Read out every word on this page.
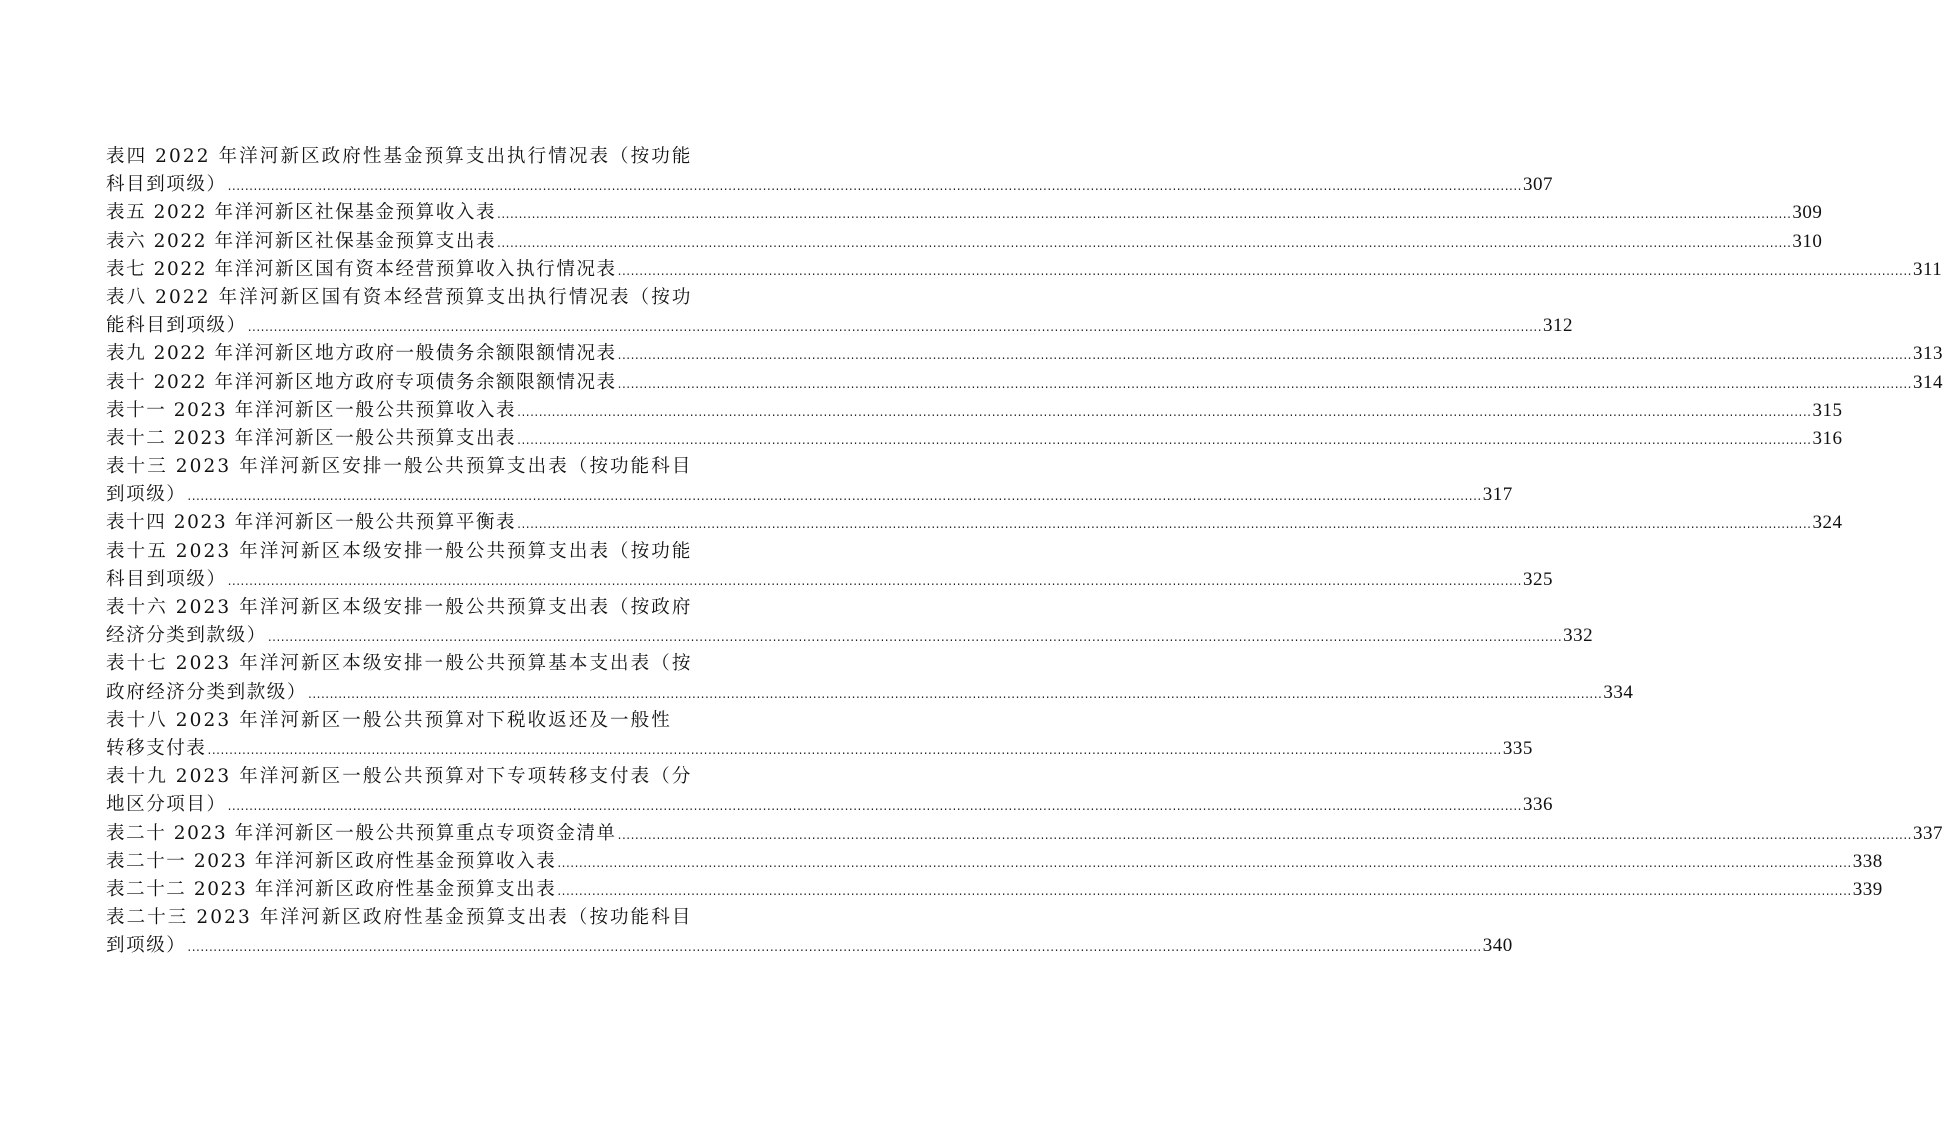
表四 2022 年洋河新区政府性基金预算支出执行情况表（按功能
科目到项级） ............................................................................................................................................................................................................................................................................................................ 307
表五 2022 年洋河新区社保基金预算收入表 ............................................................................................................................................................................................................................................................................................................ 309
表六 2022 年洋河新区社保基金预算支出表 ............................................................................................................................................................................................................................................................................................................ 310
表七 2022 年洋河新区国有资本经营预算收入执行情况表 ............................................................................................................................................................................................................................................................................................................ 311
表八 2022 年洋河新区国有资本经营预算支出执行情况表（按功
能科目到项级） ............................................................................................................................................................................................................................................................................................................ 312
表九 2022 年洋河新区地方政府一般债务余额限额情况表 ............................................................................................................................................................................................................................................................................................................ 313
表十 2022 年洋河新区地方政府专项债务余额限额情况表 ............................................................................................................................................................................................................................................................................................................ 314
表十一 2023 年洋河新区一般公共预算收入表 ............................................................................................................................................................................................................................................................................................................ 315
表十二 2023 年洋河新区一般公共预算支出表 ............................................................................................................................................................................................................................................................................................................ 316
表十三 2023 年洋河新区安排一般公共预算支出表（按功能科目
到项级） ............................................................................................................................................................................................................................................................................................................ 317
表十四 2023 年洋河新区一般公共预算平衡表 ............................................................................................................................................................................................................................................................................................................ 324
表十五 2023 年洋河新区本级安排一般公共预算支出表（按功能
科目到项级） ............................................................................................................................................................................................................................................................................................................ 325
表十六 2023 年洋河新区本级安排一般公共预算支出表（按政府
经济分类到款级） ............................................................................................................................................................................................................................................................................................................ 332
表十七 2023 年洋河新区本级安排一般公共预算基本支出表（按
政府经济分类到款级） ............................................................................................................................................................................................................................................................................................................ 334
表十八 2023 年洋河新区一般公共预算对下税收返还及一般性
转移支付表 ............................................................................................................................................................................................................................................................................................................ 335
表十九 2023 年洋河新区一般公共预算对下专项转移支付表（分
地区分项目） ............................................................................................................................................................................................................................................................................................................ 336
表二十 2023 年洋河新区一般公共预算重点专项资金清单 ............................................................................................................................................................................................................................................................................................................ 337
表二十一 2023 年洋河新区政府性基金预算收入表 ............................................................................................................................................................................................................................................................................................................ 338
表二十二 2023 年洋河新区政府性基金预算支出表 ............................................................................................................................................................................................................................................................................................................ 339
表二十三 2023 年洋河新区政府性基金预算支出表（按功能科目
到项级） ............................................................................................................................................................................................................................................................................................................ 340
